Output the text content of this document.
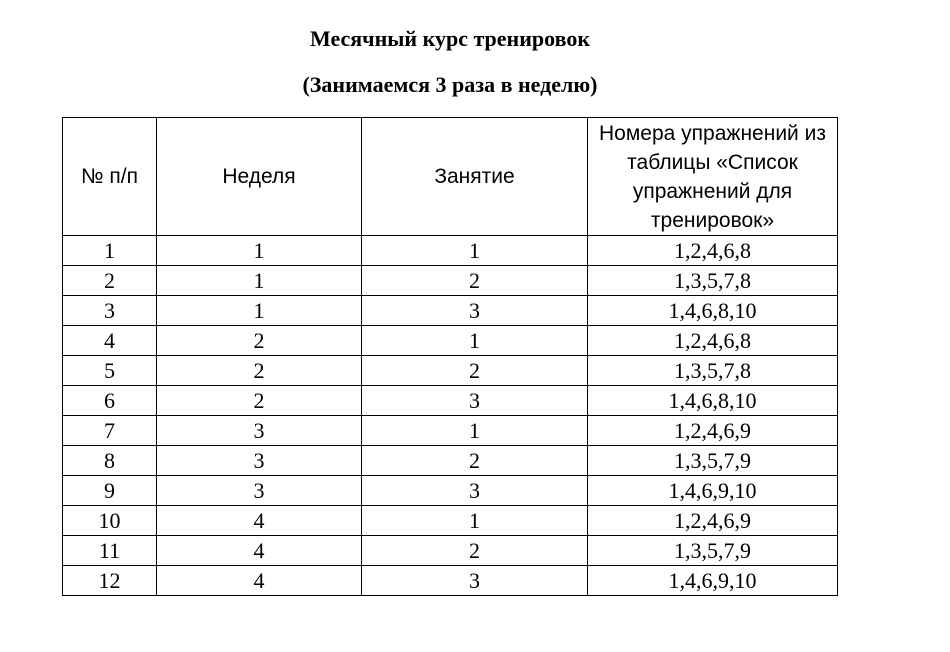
Месячный курс тренировок
(Занимаемся 3 раза в неделю)
№ п/п	Неделя	Занятие	Номера упражнений из таблицы «Список упражнений для тренировок»

1	1	1	1,2,4,6,8
2	1	2	1,3,5,7,8
3	1	3	1,4,6,8,10
4	2	1	1,2,4,6,8
5	2	2	1,3,5,7,8
6	2	3	1,4,6,8,10
7	3	1	1,2,4,6,9
8	3	2	1,3,5,7,9
9	3	3	1,4,6,9,10
10	4	1	1,2,4,6,9
11	4	2	1,3,5,7,9
12	4	3	1,4,6,9,10
